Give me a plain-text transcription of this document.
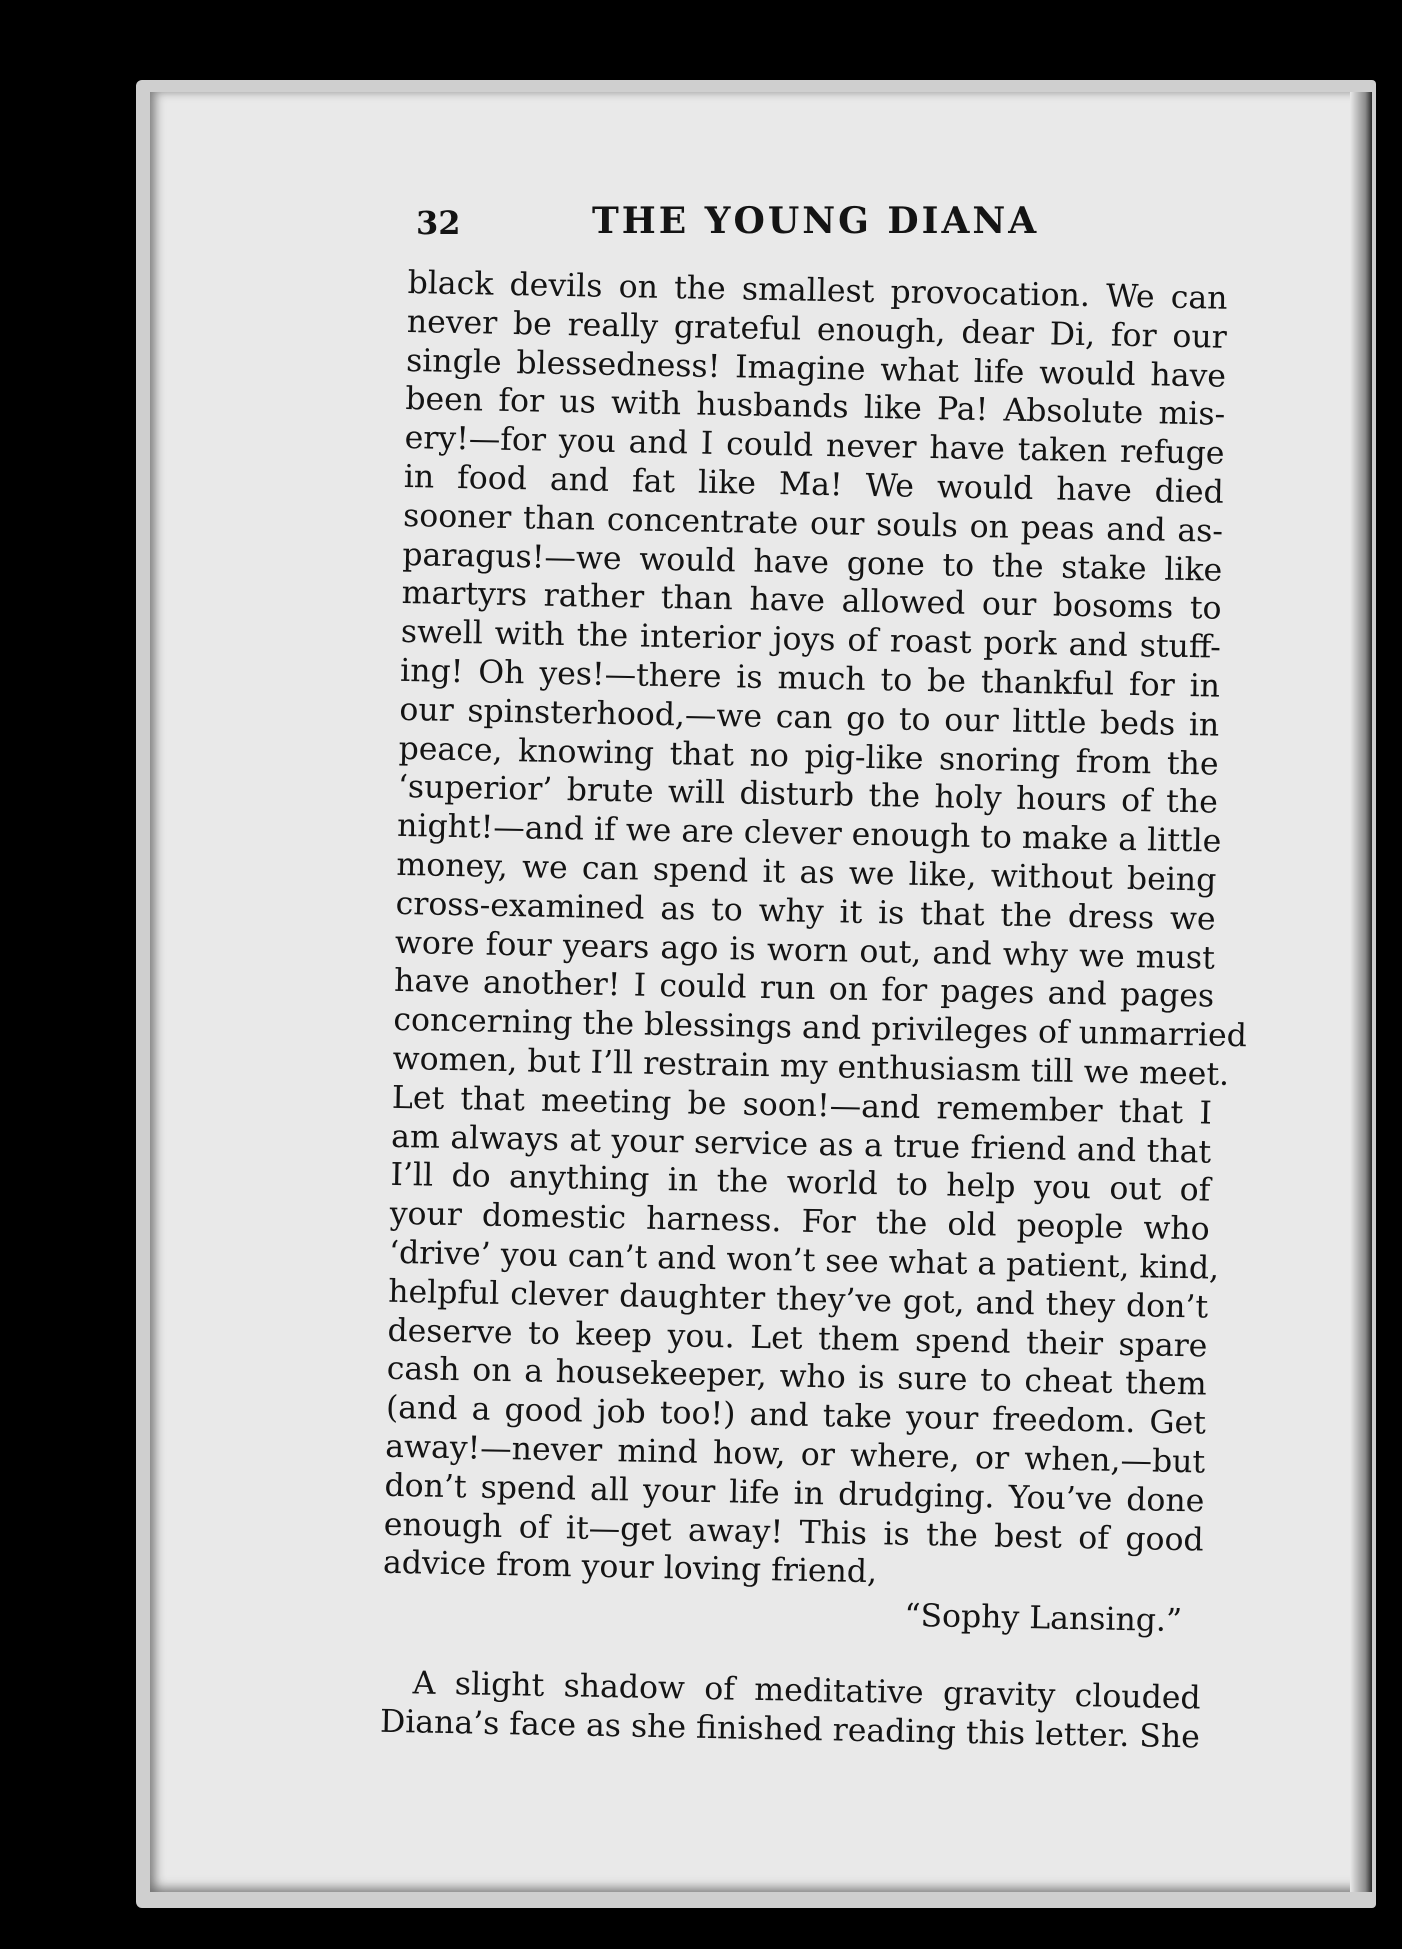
32	THE YOUNG DIANA
black devils on the smallest provocation. We can
never be really grateful enough, dear Di, for our
single blessedness! Imagine what life would have
been for us with husbands like Pa! Absolute mis-
ery!—for you and I could never have taken refuge
in food and fat like Ma! We would have died
sooner than concentrate our souls on peas and as-
paragus!—we would have gone to the stake like
martyrs rather than have allowed our bosoms to
swell with the interior joys of roast pork and stuff-
ing! Oh yes!—there is much to be thankful for in
our spinsterhood,—we can go to our little beds in
peace, knowing that no pig-like snoring from the
‘superior’ brute will disturb the holy hours of the
night!—and if we are clever enough to make a little
money, we can spend it as we like, without being
cross-examined as to why it is that the dress we
wore four years ago is worn out, and why we must
have another! I could run on for pages and pages
concerning the blessings and privileges of unmarried
women, but I’ll restrain my enthusiasm till we meet.
Let that meeting be soon!—and remember that I
am always at your service as a true friend and that
I’ll do anything in the world to help you out of
your domestic harness. For the old people who
‘drive’ you can’t and won’t see what a patient, kind,
helpful clever daughter they’ve got, and they don’t
deserve to keep you. Let them spend their spare
cash on a housekeeper, who is sure to cheat them
(and a good job too!) and take your freedom. Get
away!—never mind how, or where, or when,—but
don’t spend all your life in drudging. You’ve done
enough of it—get away! This is the best of good
advice from your loving friend,
“Sophy Lansing.”
A slight shadow of meditative gravity clouded
Diana’s face as she finished reading this letter. She
